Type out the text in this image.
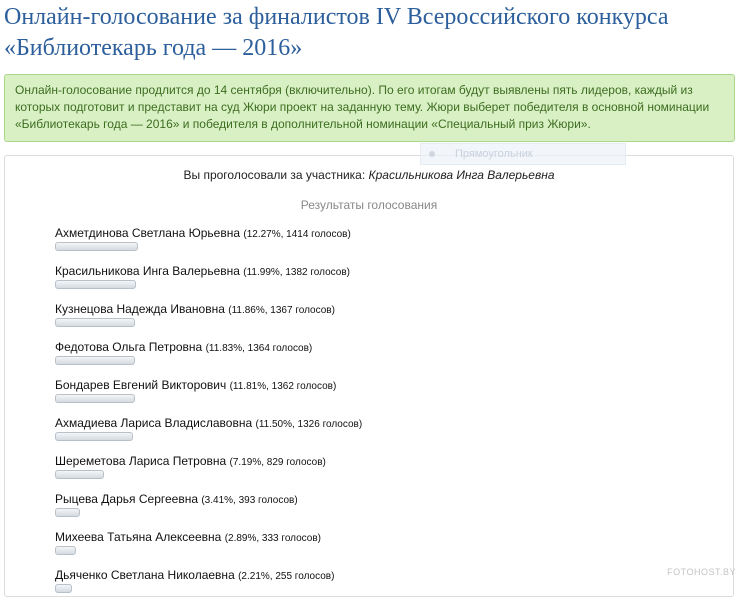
Онлайн-голосование за финалистов IV Всероссийского конкурса «Библиотекарь года — 2016»
Онлайн-голосование продлится до 14 сентября (включительно). По его итогам будут выявлены пять лидеров, каждый из
которых подготовит и представит на суд Жюри проект на заданную тему. Жюри выберет победителя в основной номинации
«Библиотекарь года — 2016» и победителя в дополнительной номинации «Специальный приз Жюри».
Вы проголосовали за участника: Красильникова Инга Валерьевна
Результаты голосования
Ахметдинова Светлана Юрьевна (12.27%, 1414 голосов)
Красильникова Инга Валерьевна (11.99%, 1382 голосов)
Кузнецова Надежда Ивановна (11.86%, 1367 голосов)
Федотова Ольга Петровна (11.83%, 1364 голосов)
Бондарев Евгений Викторович (11.81%, 1362 голосов)
Ахмадиева Лариса Владиславовна (11.50%, 1326 голосов)
Шереметова Лариса Петровна (7.19%, 829 голосов)
Рыцева Дарья Сергеевна (3.41%, 393 голосов)
Михеева Татьяна Алексеевна (2.89%, 333 голосов)
Дьяченко Светлана Николаевна (2.21%, 255 голосов)
Прямоугольник
FOTOHOST.BY
